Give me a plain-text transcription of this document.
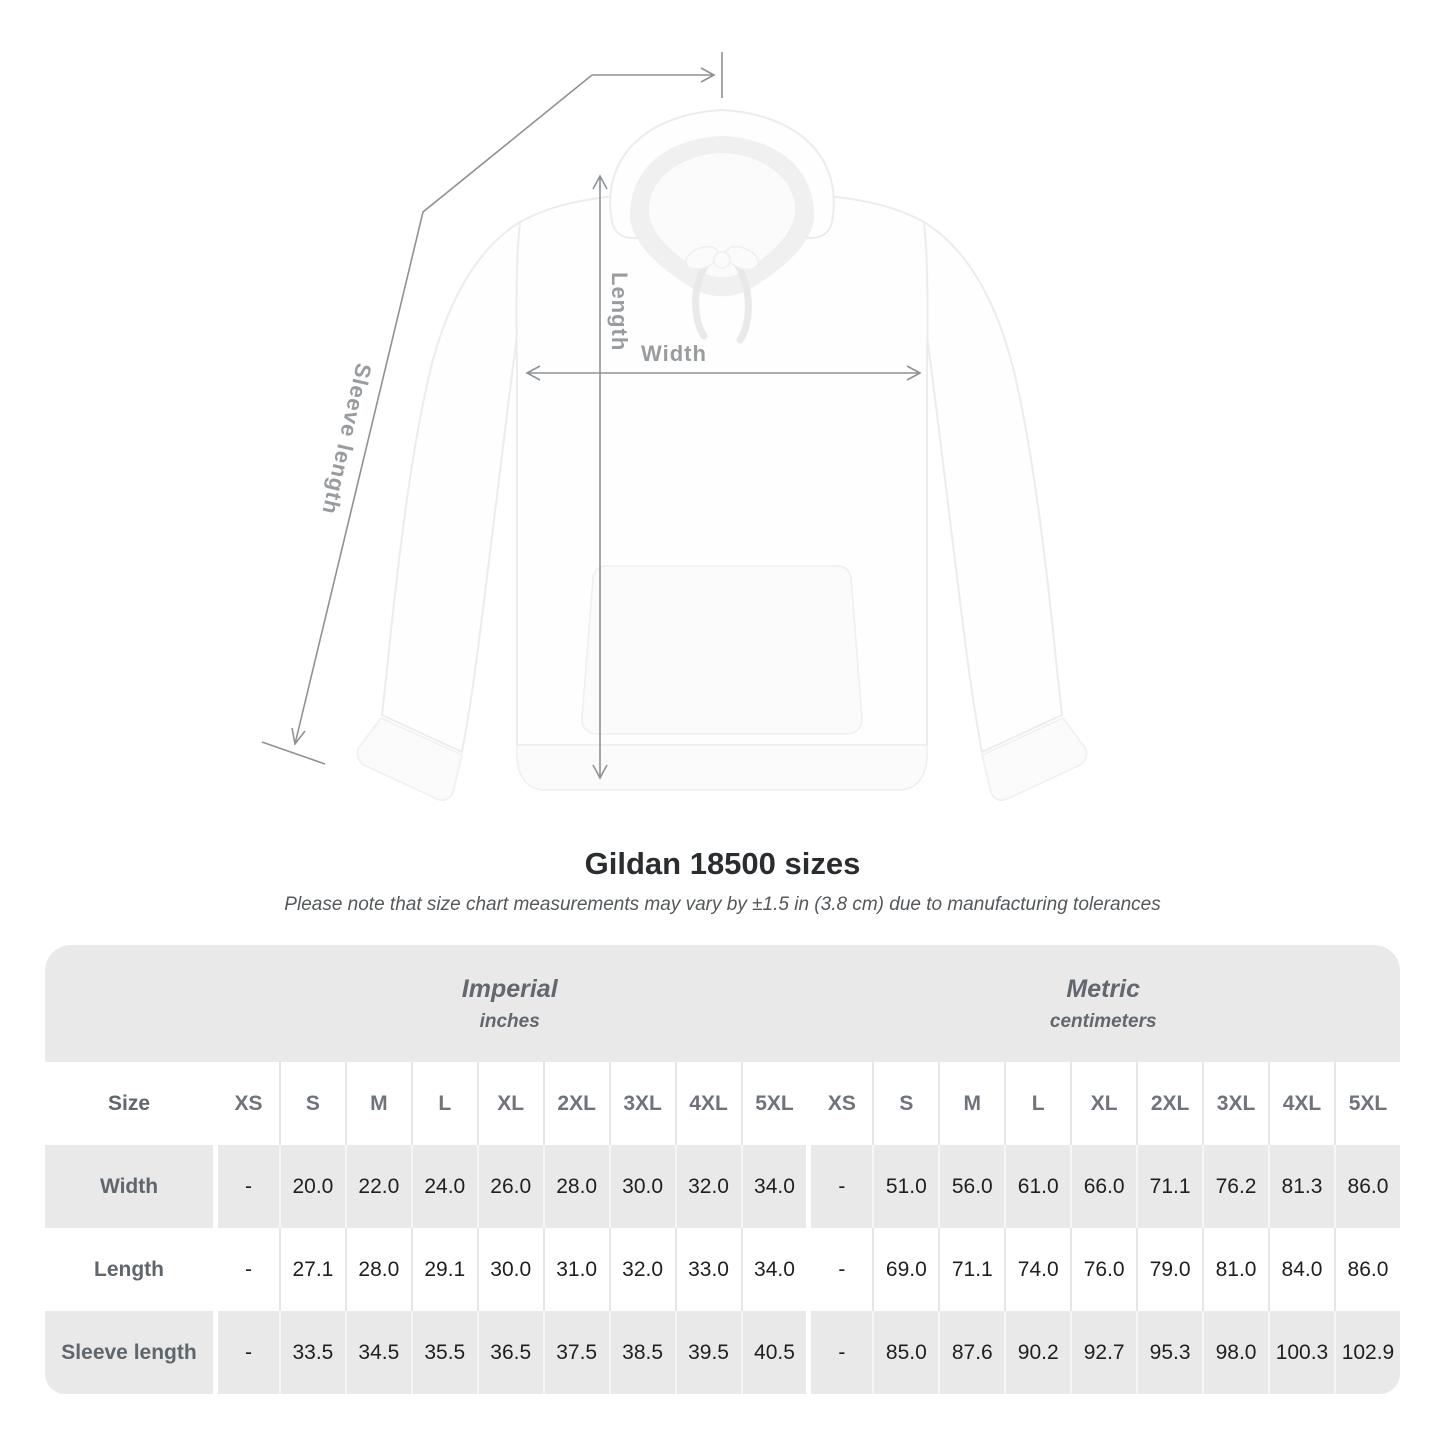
Sleeve length
Length
Width
Gildan 18500 sizes
Please note that size chart measurements may vary by ±1.5 in (3.8 cm) due to manufacturing tolerances

Imperial
inches

Metric
centimeters

Size	XS	S	M	L	XL	2XL	3XL	4XL	5XL	XS	S	M	L	XL	2XL	3XL	4XL	5XL
Width	-	20.0	22.0	24.0	26.0	28.0	30.0	32.0	34.0	-	51.0	56.0	61.0	66.0	71.1	76.2	81.3	86.0
Length	-	27.1	28.0	29.1	30.0	31.0	32.0	33.0	34.0	-	69.0	71.1	74.0	76.0	79.0	81.0	84.0	86.0
Sleeve length	-	33.5	34.5	35.5	36.5	37.5	38.5	39.5	40.5	-	85.0	87.6	90.2	92.7	95.3	98.0	100.3	102.9
